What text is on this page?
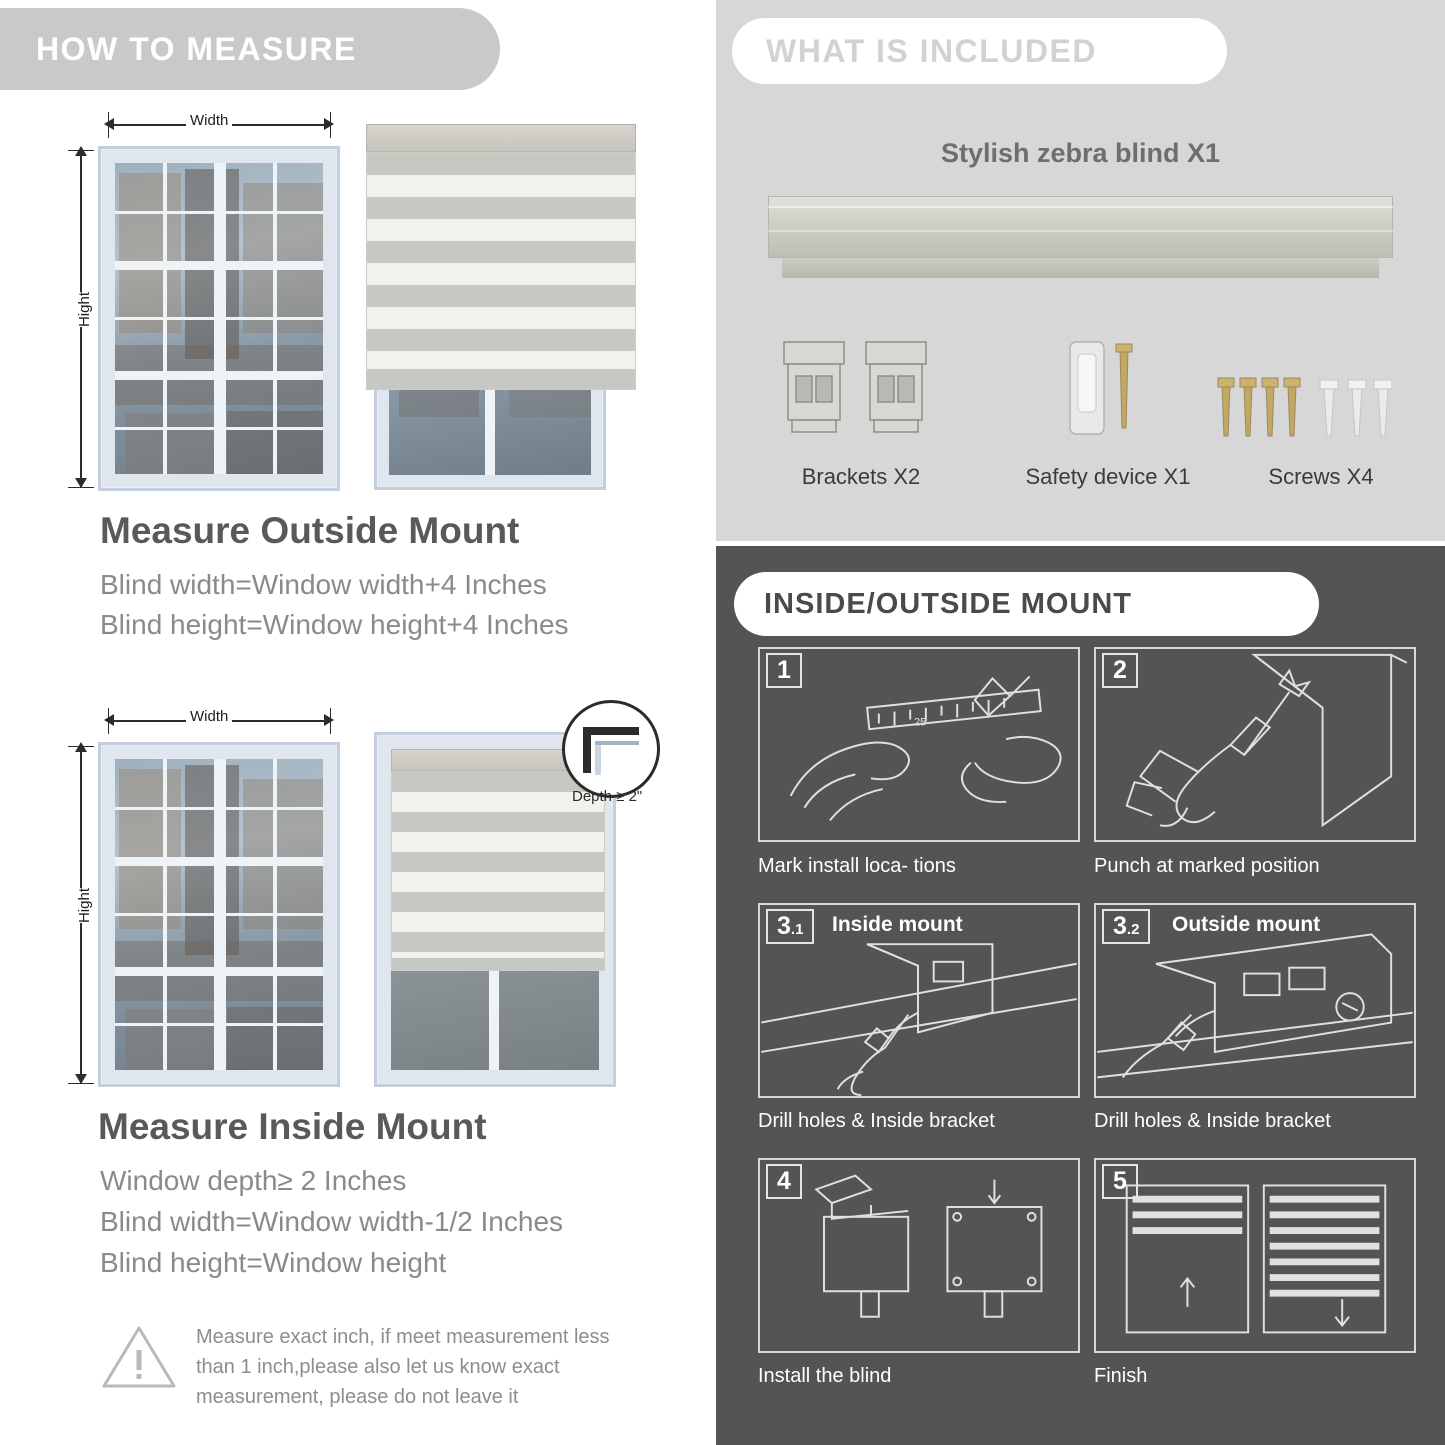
HOW TO MEASURE
Width
Hight
Measure Outside Mount

Blind width=Window width+4 Inches

Blind height=Window height+4 Inches

Width
Hight
Depth ≥ 2"
Measure Inside Mount

Window depth≥ 2 Inches

Blind width=Window width-1/2 Inches

Blind height=Window height

Measure exact inch, if meet measurement less than 1 inch,please also let us know exact measurement, please do not leave it
WHAT IS INCLUDED
Stylish zebra blind X1
Brackets X2	Safety device X1	Screws X4
INSIDE/OUTSIDE MOUNT
25
1
Mark install loca- tions
2
Punch at marked position
3.1	Inside mount
Drill holes & Inside bracket
3.2	Outside mount
Drill holes & Inside bracket
4
Install the blind
5
Finish
